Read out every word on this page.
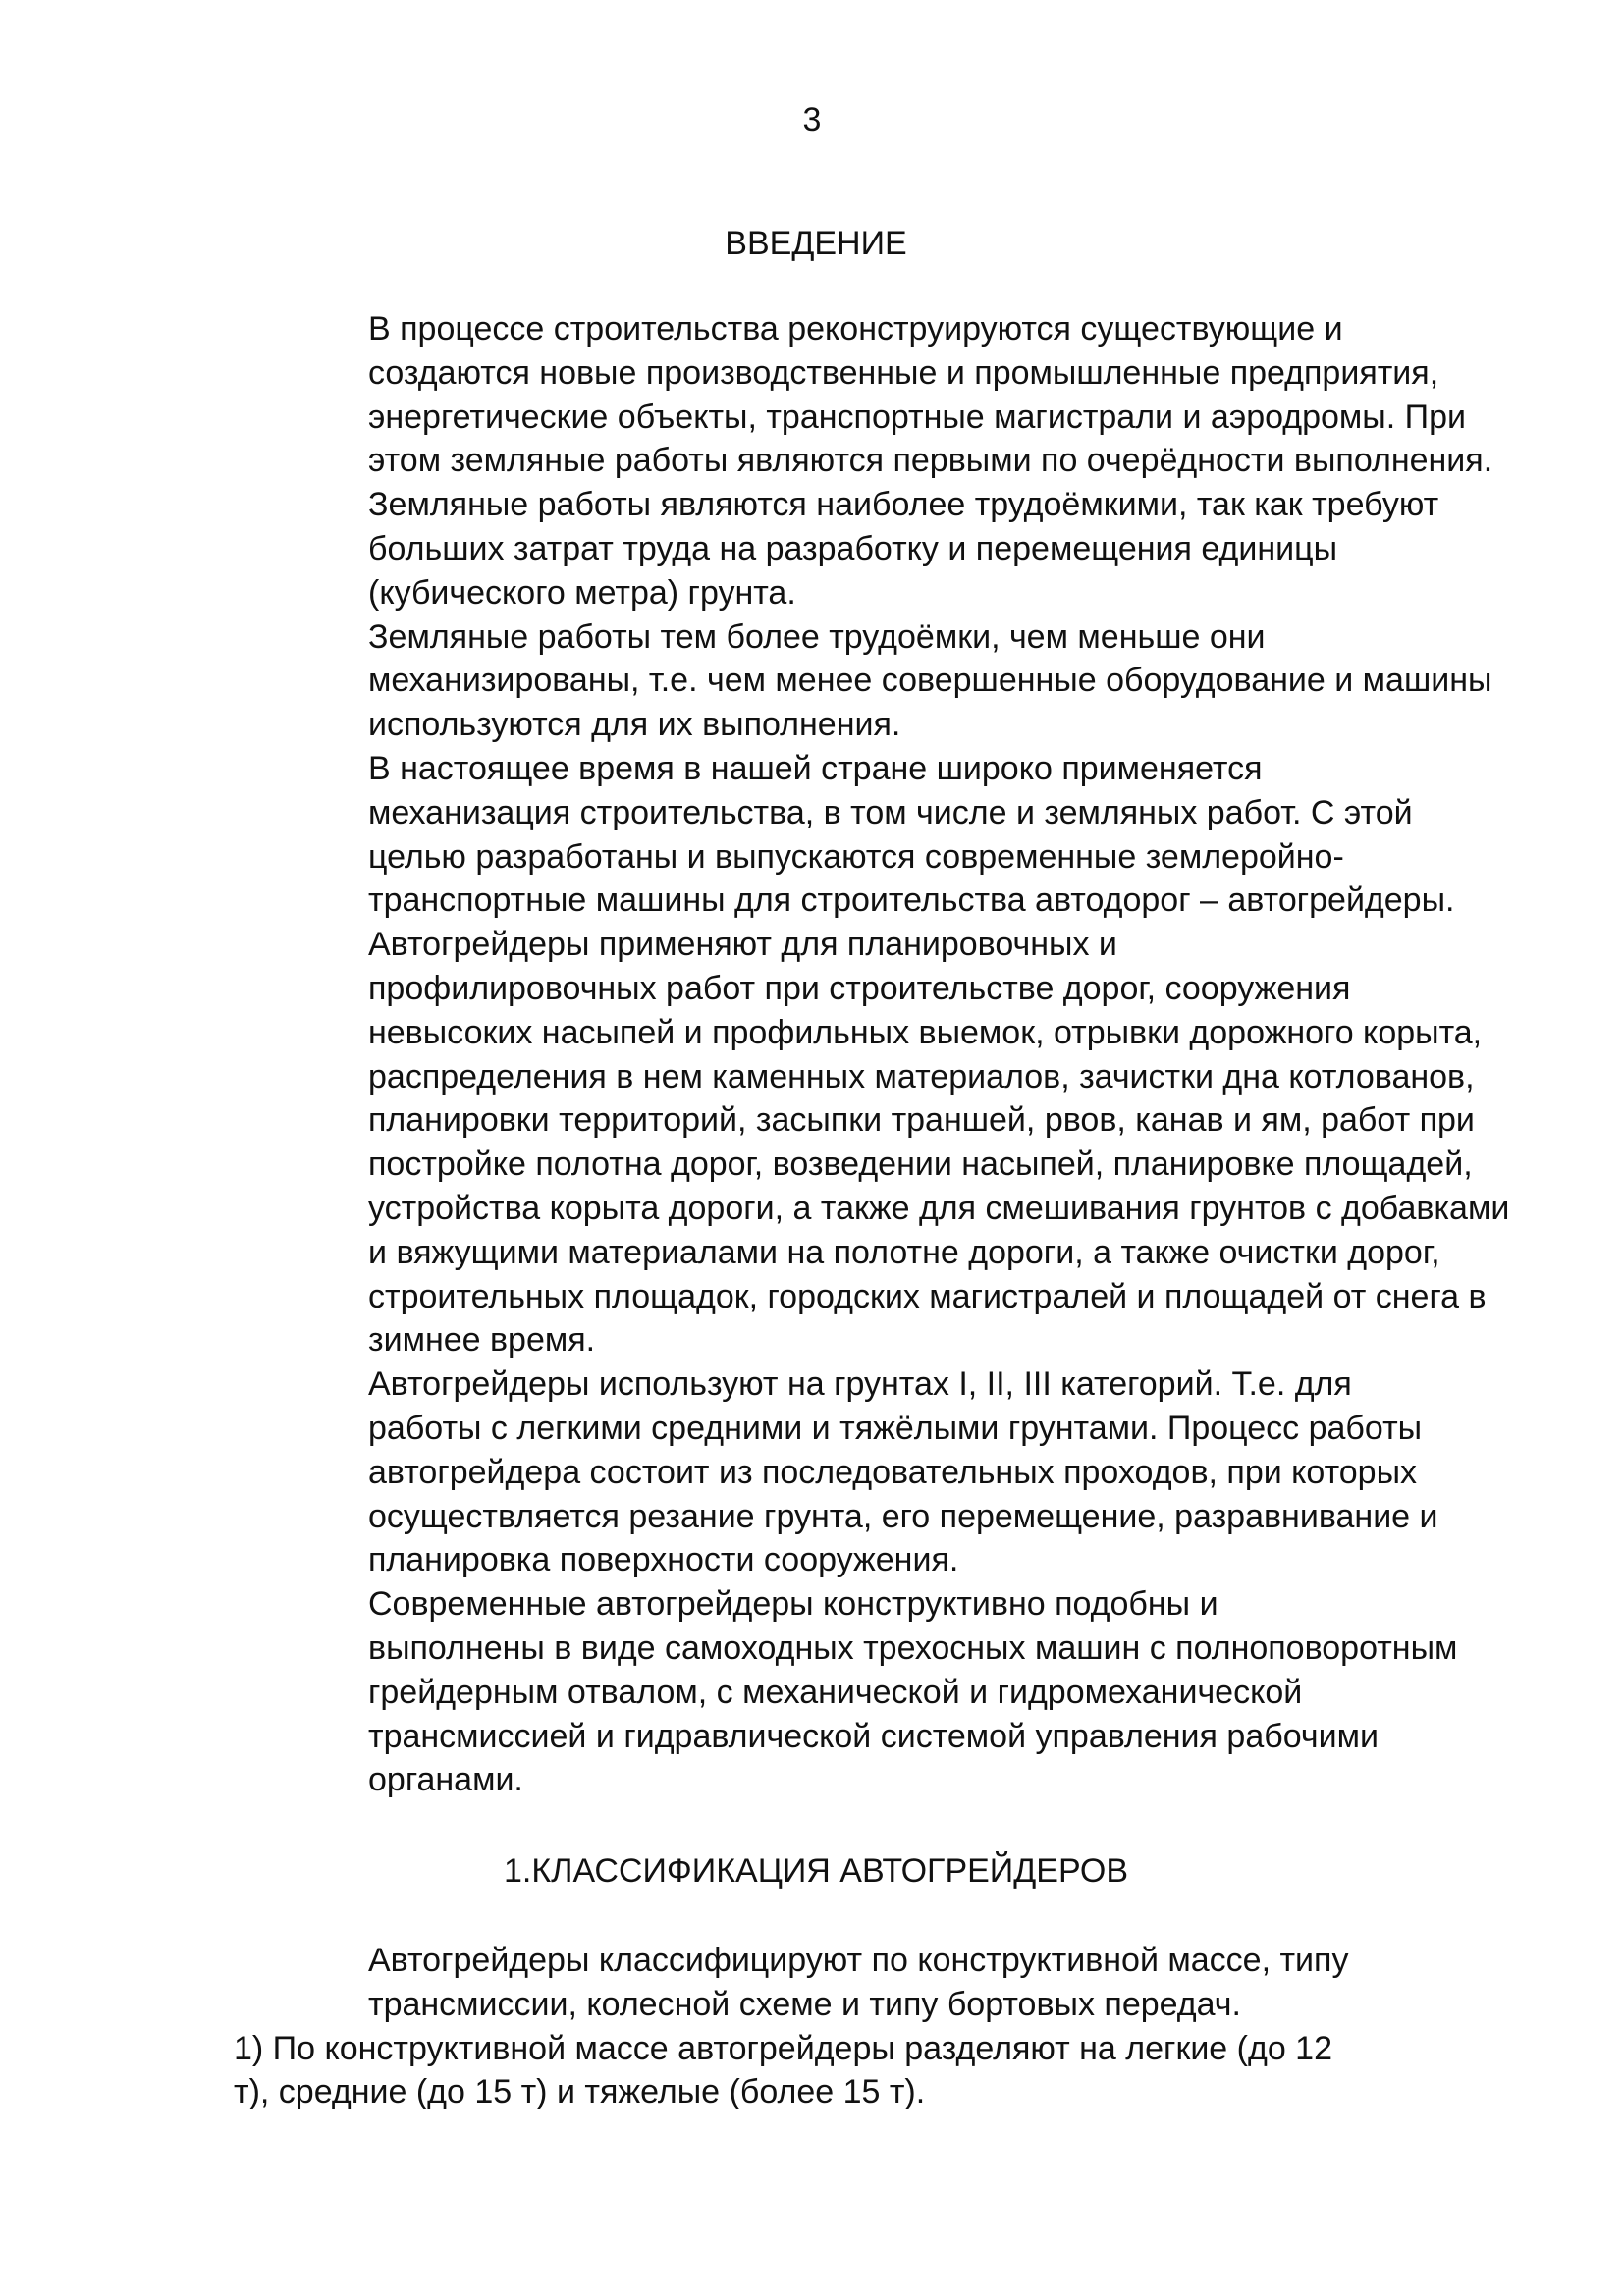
3
ВВЕДЕНИЕ

В процессе строительства реконструируются существующие и
создаются новые производственные и промышленные предприятия,
энергетические объекты, транспортные магистрали и аэродромы. При
этом земляные работы являются первыми по очерёдности выполнения.
Земляные работы являются наиболее трудоёмкими, так как требуют
больших затрат труда на разработку и перемещения единицы
(кубического метра) грунта.

Земляные работы тем более трудоёмки, чем меньше они
механизированы, т.е. чем менее совершенные оборудование и машины
используются для их выполнения.

В настоящее время в нашей стране широко применяется
механизация строительства, в том числе и земляных работ. С этой
целью разработаны и выпускаются современные землеройно-
транспортные машины для строительства автодорог – автогрейдеры.

Автогрейдеры применяют для планировочных и
профилировочных работ при строительстве дорог, сооружения
невысоких насыпей и профильных выемок, отрывки дорожного корыта,
распределения в нем каменных материалов, зачистки дна котлованов,
планировки территорий, засыпки траншей, рвов, канав и ям, работ при
постройке полотна дорог, возведении насыпей, планировке площадей,
устройства корыта дороги, а также для смешивания грунтов с добавками
и вяжущими материалами на полотне дороги, а также очистки дорог,
строительных площадок, городских магистралей и площадей от снега в
зимнее время.

Автогрейдеры используют на грунтах I, II, III категорий. Т.е. для
работы с легкими средними и тяжёлыми грунтами. Процесс работы
автогрейдера состоит из последовательных проходов, при которых
осуществляется резание грунта, его перемещение, разравнивание и
планировка поверхности сооружения.

Современные автогрейдеры конструктивно подобны и
выполнены в виде самоходных трехосных машин с полноповоротным
грейдерным отвалом, с механической и гидромеханической
трансмиссией и гидравлической системой управления рабочими
органами.

1.КЛАССИФИКАЦИЯ АВТОГРЕЙДЕРОВ

Автогрейдеры классифицируют по конструктивной массе, типу
трансмиссии, колесной схеме и типу бортовых передач.

1) По конструктивной массе автогрейдеры разделяют на легкие (до 12
т), средние (до 15 т) и тяжелые (более 15 т).
